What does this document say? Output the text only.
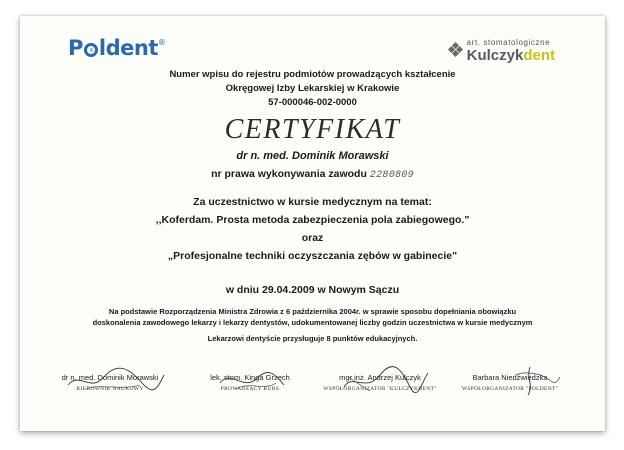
P ldent®	art. stomatologiczne
Kulczykdent
Numer wpisu do rejestru podmiotów prowadzących kształcenie
Okręgowej Izby Lekarskiej w Krakowie
57-000046-002-0000
CERTYFIKAT
dr n. med. Dominik Morawski
nr prawa wykonywania zawodu 2280809
Za uczestnictwo w kursie medycznym na temat:
,,Koferdam. Prosta metoda zabezpieczenia pola zabiegowego."
oraz
„Profesjonalne techniki oczyszczania zębów w gabinecie"
w dniu 29.04.2009 w Nowym Sączu
Na podstawie Rozporządzenia Ministra Zdrowia z 6 października 2004r. w sprawie sposobu dopełniania obowiązku
doskonalenia zawodowego lekarzy i lekarzy dentystów, udokumentowanej liczby godzin uczestnictwa w kursie medycznym
Lekarzowi dentyście przysługuje 8 punktów edukacyjnych.
dr n. med. Dominik Morawski
KIEROWNIK NAUKOWY
lek. stom. Kinga Grzech
PROWADZĄCY KURS
mgr inż. Andrzej Kulczyk
WSPÓŁORGANIZATOR "KULCZYKDENT"
Barbara Niedźwiedzka
WSPÓŁORGANIZATOR "POLDENT"
